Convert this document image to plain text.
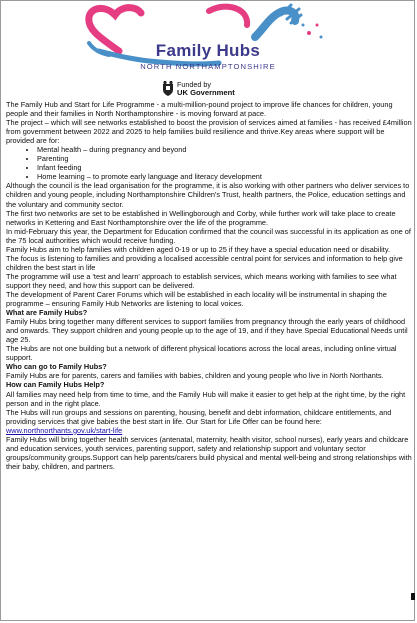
Family Hubs
NORTH NORTHAMPTONSHIRE
Funded by
UK Government

The Family Hub and Start for Life Programme - a multi-million-pound project to improve life chances for children, young people and their families in North Northamptonshire - is moving forward at pace.

The project – which will see networks established to boost the provision of services aimed at families - has received £4million from government between 2022 and 2025 to help families build resilience and thrive.Key areas where support will be provided are for:

• Mental health – during pregnancy and beyond
• Parenting
• Infant feeding
• Home learning – to promote early language and literacy development

Although the council is the lead organisation for the programme, it is also working with other partners who deliver services to children and young people, including Northamptonshire Children's Trust, health partners, the Police, education settings and the voluntary and community sector.

The first two networks are set to be established in Wellingborough and Corby, while further work will take place to create networks in Kettering and East Northamptonshire over the life of the programme.

In mid-February this year, the Department for Education confirmed that the council was successful in its application as one of the 75 local authorities which would receive funding.

Family Hubs aim to help families with children aged 0-19 or up to 25 if they have a special education need or disability.

The focus is listening to families and providing a localised accessible central point for services and information to help give children the best start in life

The programme will use a 'test and learn' approach to establish services, which means working with families to see what support they need, and how this support can be delivered.

The development of Parent Carer Forums which will be established in each locality will be instrumental in shaping the programme – ensuring Family Hub Networks are listening to local voices.

What are Family Hubs?

Family Hubs bring together many different services to support families from pregnancy through the early years of childhood and onwards. They support children and young people up to the age of 19, and if they have Special Educational Needs until age 25.

The Hubs are not one building but a network of different physical locations across the local areas, including online virtual support.

Who can go to Family Hubs?

Family Hubs are for parents, carers and families with babies, children and young people who live in North Northants.

How can Family Hubs Help?

All families may need help from time to time, and the Family Hub will make it easier to get help at the right time, by the right person and in the right place.

The Hubs will run groups and sessions on parenting, housing, benefit and debt information, childcare entitlements, and providing services that give babies the best start in life. Our Start for Life Offer can be found here:  www.northnorthants.gov.uk/start-life

Family Hubs will bring together health services (antenatal, maternity, health visitor, school nurses), early years and childcare and education services, youth services, parenting support, safety and relationship support and voluntary sector groups/community groups.Support can help parents/carers build physical and mental well-being and strong relationships with their baby, children, and partners.
